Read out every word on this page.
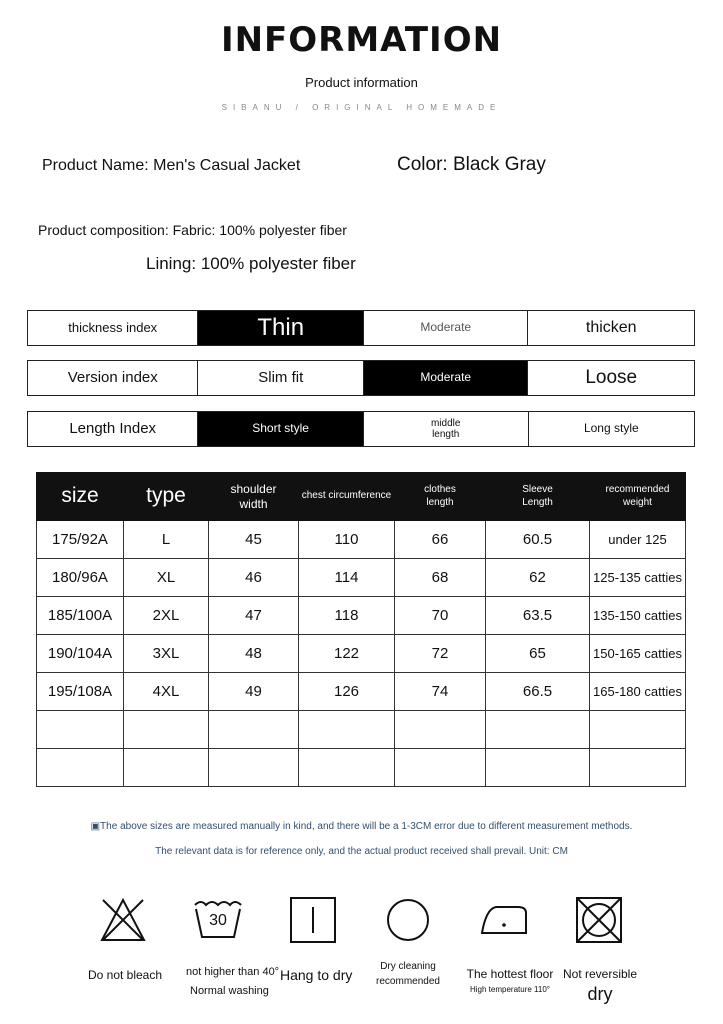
INFORMATION
Product information
SIBANU / ORIGINAL HOMEMADE
Product Name: Men's Casual Jacket	Color: Black Gray
Product composition: Fabric: 100% polyester fiber
Lining: 100% polyester fiber
thickness index	Thin	Moderate	thicken
Version index	Slim fit	Moderate	Loose
Length Index	Short style	middle length	Long style
size	type	shoulder width	chest circumference	clothes length	Sleeve Length	recommended weight
175/92A	L	45	110	66	60.5	under 125
180/96A	XL	46	114	68	62	125-135 catties
185/100A	2XL	47	118	70	63.5	135-150 catties
190/104A	3XL	48	122	72	65	150-165 catties
195/108A	4XL	49	126	74	66.5	165-180 catties

▣The above sizes are measured manually in kind, and there will be a 1-3CM error due to different measurement methods.
The relevant data is for reference only, and the actual product received shall prevail. Unit: CM
30
Do not bleach	not higher than 40°
Normal washing
Hang to dry
Dry cleaning
recommended
The hottest floor
High temperature 110°
Not reversible
dry
